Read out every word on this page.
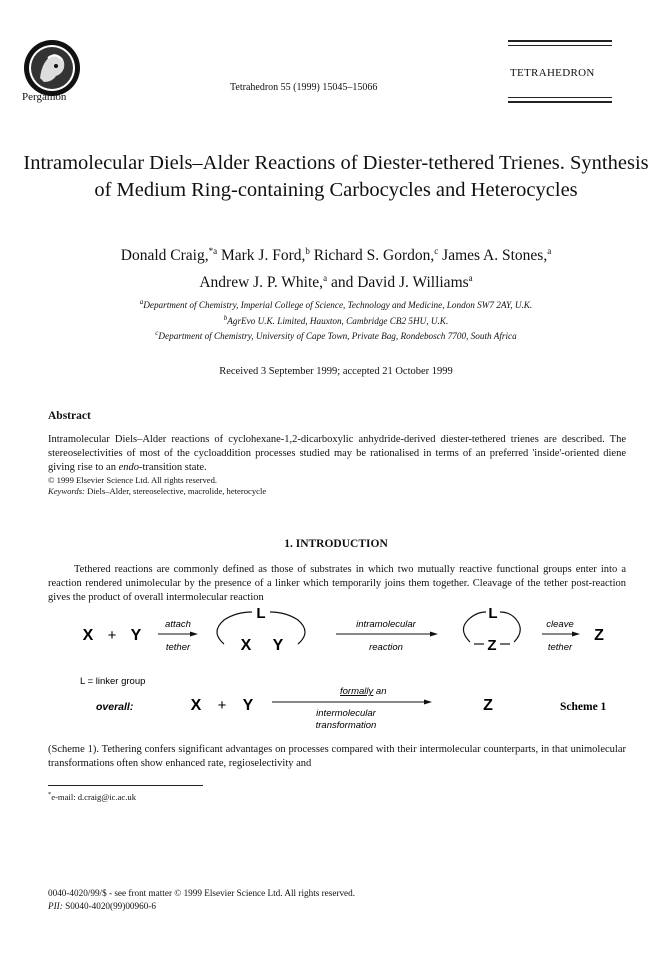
Pergamon
Tetrahedron 55 (1999) 15045–15066
TETRAHEDRON
Intramolecular Diels–Alder Reactions of Diester-tethered Trienes. Synthesis of Medium Ring-containing Carbocycles and Heterocycles
Donald Craig,$^{*a}$ Mark J. Ford,$^b$ Richard S. Gordon,$^c$ James A. Stones,$^a$
Andrew J. P. White,$^a$ and David J. Williams$^a$
$^a$Department of Chemistry, Imperial College of Science, Technology and Medicine, London SW7 2AY, U.K.
$^b$AgrEvo U.K. Limited, Hauxton, Cambridge CB2 5HU, U.K.
$^c$Department of Chemistry, University of Cape Town, Private Bag, Rondebosch 7700, South Africa
Received 3 September 1999; accepted 21 October 1999
Abstract
Intramolecular Diels–Alder reactions of cyclohexane-1,2-dicarboxylic anhydride-derived diester-tethered trienes are described. The stereoselectivities of most of the cycloaddition processes studied may be rationalised in terms of an preferred 'inside'-oriented diene giving rise to an endo-transition state.
© 1999 Elsevier Science Ltd. All rights reserved.
Keywords: Diels–Alder, stereoselective, macrolide, heterocycle
1. INTRODUCTION
Tethered reactions are commonly defined as those of substrates in which two mutually reactive functional groups enter into a reaction rendered unimolecular by the presence of a linker which temporarily joins them together. Cleavage of the tether post-reaction gives the product of overall intermolecular reaction
X + Y
attach
tether
L
X Y
intramolecular
reaction
L
Z
cleave
tether
Z
L = linker group
overall:	X + Y
formally an
intermolecular
transformation
Z	Scheme 1
(Scheme 1). Tethering confers significant advantages on processes compared with their intermolecular counterparts, in that unimolecular transformations often show enhanced rate, regioselectivity and
*e-mail: d.craig@ic.ac.uk
0040-4020/99/$ - see front matter © 1999 Elsevier Science Ltd. All rights reserved.
PII: S0040-4020(99)00960-6
